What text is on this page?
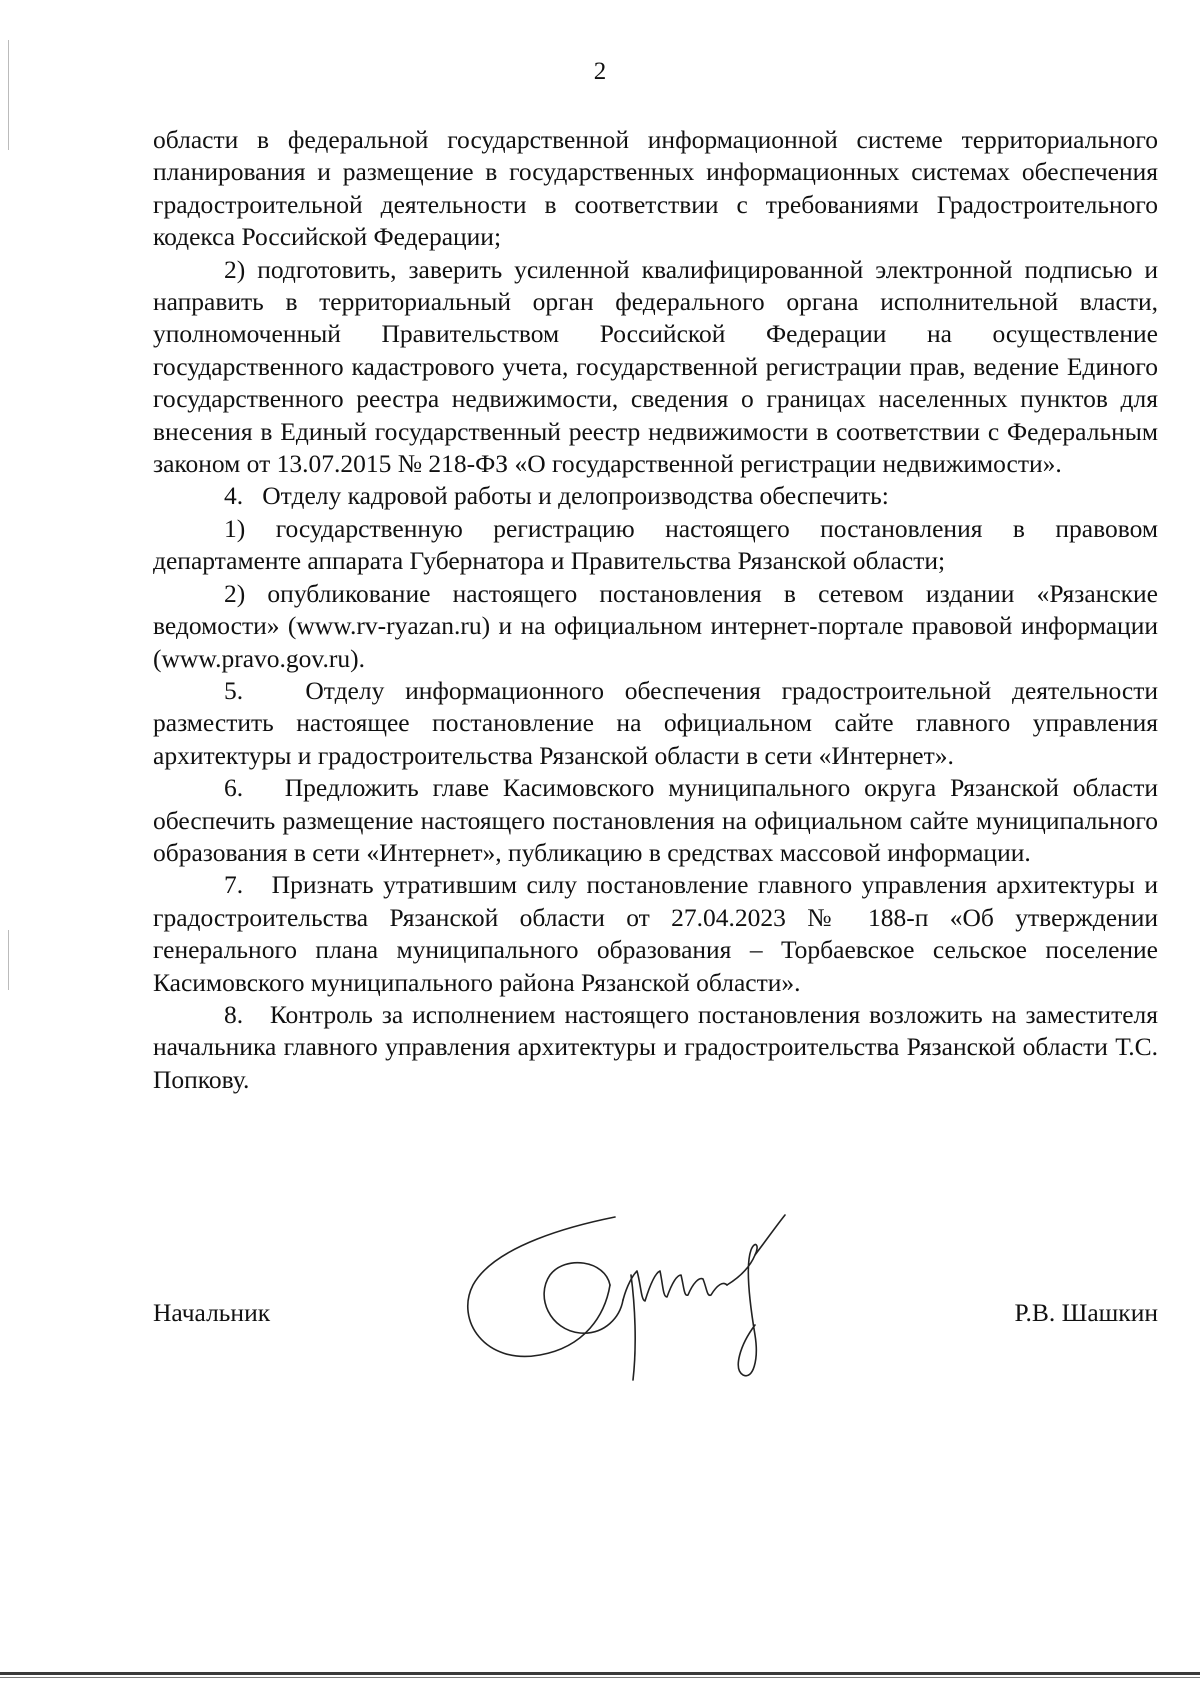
2

области в федеральной государственной информационной системе территориального планирования и размещение в государственных информационных системах обеспечения градостроительной деятельности в соответствии с требованиями Градостроительного кодекса Российской Федерации;

2) подготовить, заверить усиленной квалифицированной электронной подписью и направить в территориальный орган федерального органа исполнительной власти, уполномоченный Правительством Российской Федерации на осуществление государственного кадастрового учета, государственной регистрации прав, ведение Единого государственного реестра недвижимости, сведения о границах населенных пунктов для внесения в Единый государственный реестр недвижимости в соответствии с Федеральным законом от 13.07.2015 № 218-ФЗ «О государственной регистрации недвижимости».

4.   Отделу кадровой работы и делопроизводства обеспечить:

1) государственную регистрацию настоящего постановления в правовом департаменте аппарата Губернатора и Правительства Рязанской области;

2) опубликование настоящего постановления в сетевом издании «Рязанские ведомости» (www.rv-ryazan.ru) и на официальном интернет-портале правовой информации (www.pravo.gov.ru).

5.   Отделу информационного обеспечения градостроительной деятельности разместить настоящее постановление на официальном сайте главного управления архитектуры и градостроительства Рязанской области в сети «Интернет».

6.   Предложить главе Касимовского муниципального округа Рязанской области обеспечить размещение настоящего постановления на официальном сайте муниципального образования в сети «Интернет», публикацию в средствах массовой информации.

7.   Признать утратившим силу постановление главного управления архитектуры и градостроительства Рязанской области от 27.04.2023 № 188-п «Об утверждении генерального плана муниципального образования – Торбаевское сельское поселение Касимовского муниципального района Рязанской области».

8.   Контроль за исполнением настоящего постановления возложить на заместителя начальника главного управления архитектуры и градостроительства Рязанской области Т.С. Попкову.

Начальник	Р.В. Шашкин
